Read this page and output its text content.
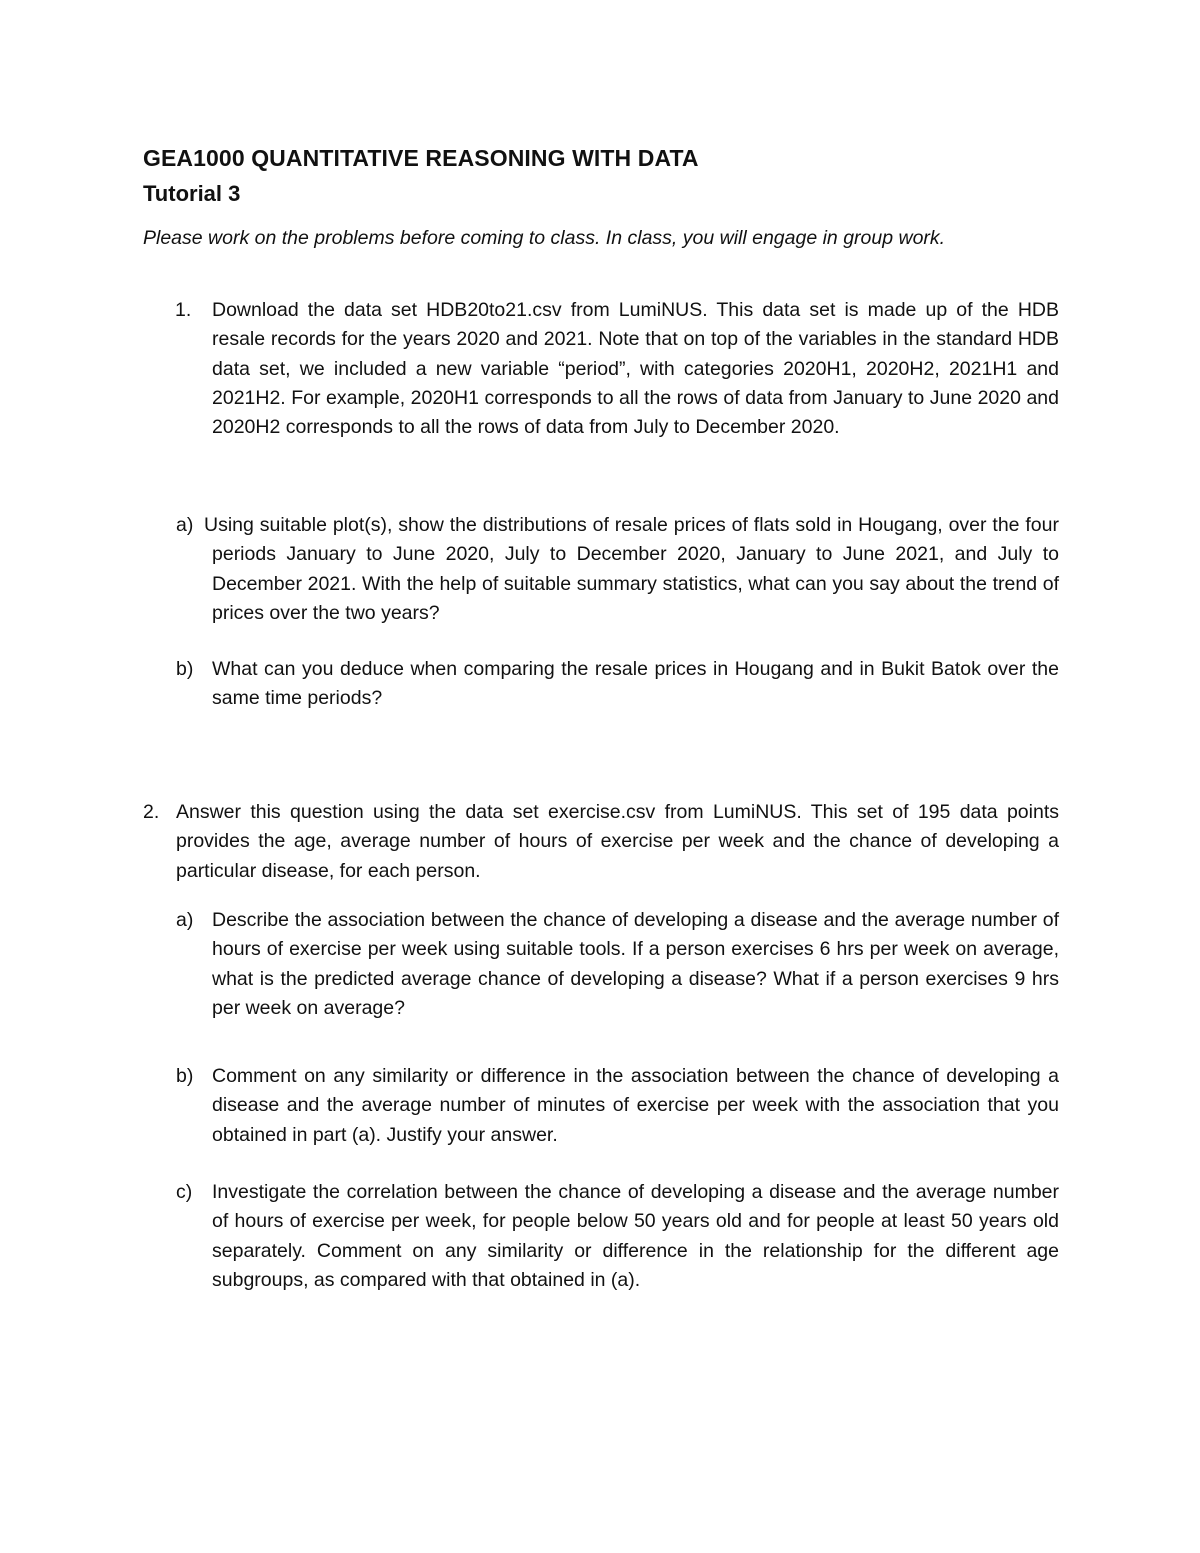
GEA1000 QUANTITATIVE REASONING WITH DATA
Tutorial 3
Please work on the problems before coming to class. In class, you will engage in group work.
1. Download the data set HDB20to21.csv from LumiNUS. This data set is made up of the HDB resale records for the years 2020 and 2021. Note that on top of the variables in the standard HDB data set, we included a new variable “period”, with categories 2020H1, 2020H2, 2021H1 and 2021H2. For example, 2020H1 corresponds to all the rows of data from January to June 2020 and 2020H2 corresponds to all the rows of data from July to December 2020.
a) Using suitable plot(s), show the distributions of resale prices of flats sold in Hougang, over the four periods January to June 2020, July to December 2020, January to June 2021, and July to December 2021. With the help of suitable summary statistics, what can you say about the trend of prices over the two years?
b) What can you deduce when comparing the resale prices in Hougang and in Bukit Batok over the same time periods?
2. Answer this question using the data set exercise.csv from LumiNUS. This set of 195 data points provides the age, average number of hours of exercise per week and the chance of developing a particular disease, for each person.
a) Describe the association between the chance of developing a disease and the average number of hours of exercise per week using suitable tools. If a person exercises 6 hrs per week on average, what is the predicted average chance of developing a disease? What if a person exercises 9 hrs per week on average?
b) Comment on any similarity or difference in the association between the chance of developing a disease and the average number of minutes of exercise per week with the association that you obtained in part (a). Justify your answer.
c) Investigate the correlation between the chance of developing a disease and the average number of hours of exercise per week, for people below 50 years old and for people at least 50 years old separately. Comment on any similarity or difference in the relationship for the different age subgroups, as compared with that obtained in (a).
